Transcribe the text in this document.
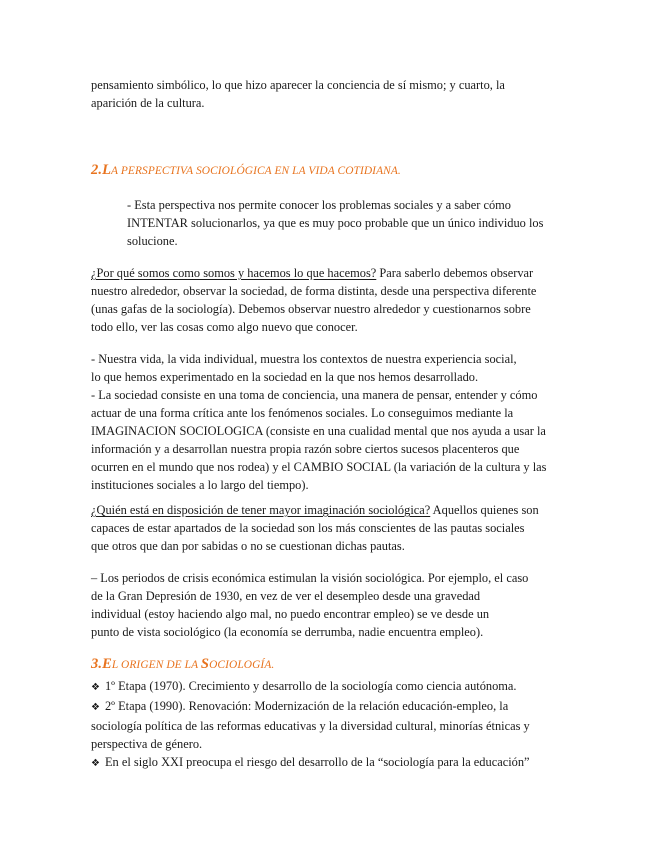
pensamiento simbólico, lo que hizo aparecer la conciencia de sí mismo; y cuarto, la
aparición de la cultura.

2.LA PERSPECTIVA SOCIOLÓGICA EN LA VIDA COTIDIANA.

- Esta perspectiva nos permite conocer los problemas sociales y a saber cómo
INTENTAR solucionarlos, ya que es muy poco probable que un único individuo los
solucione.

¿Por qué somos como somos y hacemos lo que hacemos? Para saberlo debemos observar
nuestro alrededor, observar la sociedad, de forma distinta, desde una perspectiva diferente
(unas gafas de la sociología). Debemos observar nuestro alrededor y cuestionarnos sobre
todo ello, ver las cosas como algo nuevo que conocer.

- Nuestra vida, la vida individual, muestra los contextos de nuestra experiencia social,
lo que hemos experimentado en la sociedad en la que nos hemos desarrollado.
- La sociedad consiste en una toma de conciencia, una manera de pensar, entender y cómo
actuar de una forma crítica ante los fenómenos sociales. Lo conseguimos mediante la
IMAGINACION SOCIOLOGICA (consiste en una cualidad mental que nos ayuda a usar la
información y a desarrollan nuestra propia razón sobre ciertos sucesos placenteros que
ocurren en el mundo que nos rodea) y el CAMBIO SOCIAL (la variación de la cultura y las
instituciones sociales a lo largo del tiempo).

¿Quién está en disposición de tener mayor imaginación sociológica? Aquellos quienes son
capaces de estar apartados de la sociedad son los más conscientes de las pautas sociales
que otros que dan por sabidas o no se cuestionan dichas pautas.

– Los periodos de crisis económica estimulan la visión sociológica. Por ejemplo, el caso
de la Gran Depresión de 1930, en vez de ver el desempleo desde una gravedad
individual (estoy haciendo algo mal, no puedo encontrar empleo) se ve desde un
punto de vista sociológico (la economía se derrumba, nadie encuentra empleo).

3.EL ORIGEN DE LA SOCIOLOGÍA.
❖ 1º Etapa (1970). Crecimiento y desarrollo de la sociología como ciencia autónoma.
❖ 2º Etapa (1990). Renovación: Modernización de la relación educación-empleo, la
sociología política de las reformas educativas y la diversidad cultural, minorías étnicas y
perspectiva de género.
❖ En el siglo XXI preocupa el riesgo del desarrollo de la “sociología para la educación”
